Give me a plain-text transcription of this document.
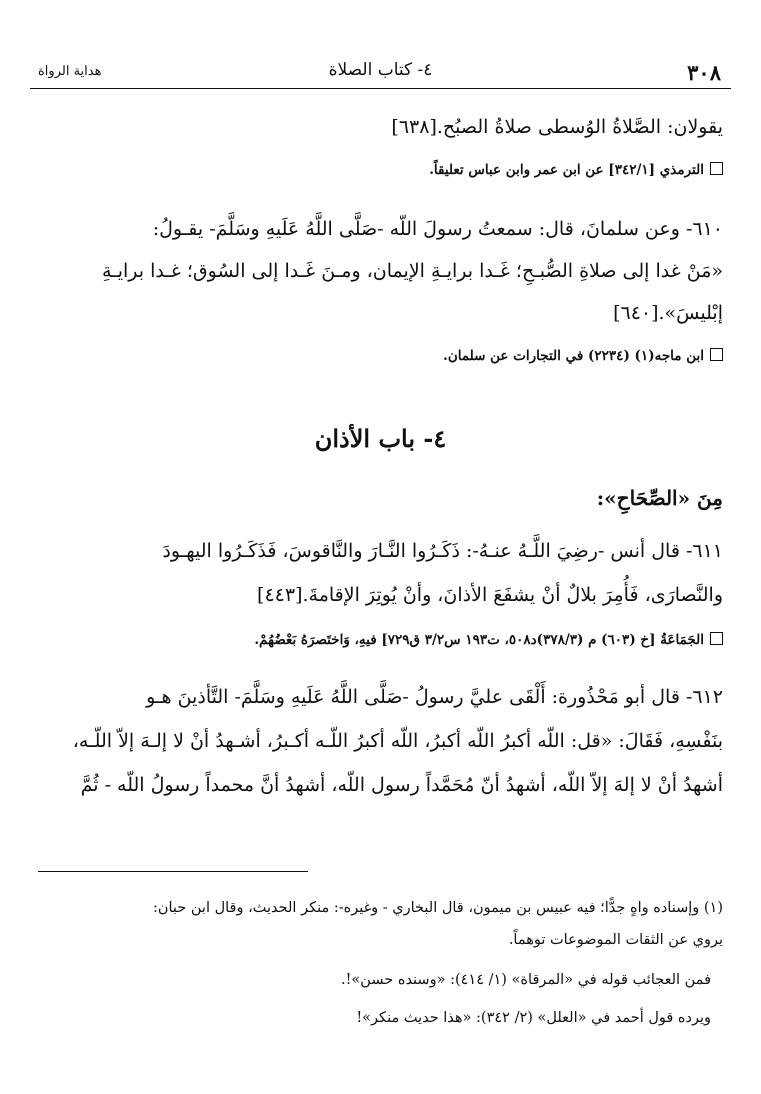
٣٠٨
٤- كتاب الصلاة
هداية الرواة
يقولان: الصَّلاةُ الوُسطى صلاةُ الصبُح.[٦٣٨]
الترمذي [٣٤٢/١] عن ابن عمر وابن عباس تعليقاً.
٦١٠- وعن سلمانَ، قال: سمعتُ رسولَ اللّه -صَلَّى اللَّهُ عَلَيهِ وسَلَّمَ- يقـولُ:
«مَنْ غدا إلى صلاةِ الصُّبـحِ؛ غَـدا برايـةِ الإيمان، ومـنَ غَـدا إلى السُوق؛ غـدا برايـةِ
إبْليسَ».[٦٤٠]
ابن ماجه(١) (٢٢٣٤) في التجارات عن سلمان.
٤- باب الأذان
مِنَ «الصِّحَاحِ»:
٦١١- قال أنس -رضِيَ اللَّـهُ عنـهُ-: ذَكَـرُوا النَّـارَ والنَّاقوسَ، فَذَكَـرُوا اليهـودَ
والنَّصارَى، فَأُمِرَ بلالٌ أنْ يشفَعَ الأذانَ، وأنْ يُوتِرَ الإقامةَ.[٤٤٣]
الجَمَاعَةُ [خ (٦٠٣) م (٣٧٨/٣)د٥٠٨، ت١٩٣ س٣/٢ ق٧٢٩] فيهِ، وَاختَصرَهُ بَعْضُهُمْ.
٦١٢- قال أبو مَحْذُورة: أَلْقَى عليَّ رسولُ -صَلَّى اللَّهُ عَلَيهِ وسَلَّمَ- التَّأذينَ هـو
بنَفْسِهِ، فَقَالَ: «قل: اللّه أكبرُ اللّه أكبرُ، اللّه أكبرُ اللّـه أكـبرُ، أشـهدُ أنْ لا إلـهَ إلاّ اللّـه،
أشهدُ أنْ لا إلهَ إلاّ اللّه، أشهدُ أنّ مُحَمَّداً رسول اللّه، أشهدُ أنَّ محمداً رسولُ اللّه - ثُمَّ
(١) وإسناده واهٍ جدًّا؛ فيه عبيس بن ميمون، قال البخاري - وغيره-: منكر الحديث، وقال ابن حبان:
يروي عن الثقات الموضوعات توهماً.
فمن العجائب قوله في «المرقاة» (١/ ٤١٤): «وسنده حسن»!.
ويرده قول أحمد في «العلل» (٢/ ٣٤٢): «هذا حديث منكر»!
